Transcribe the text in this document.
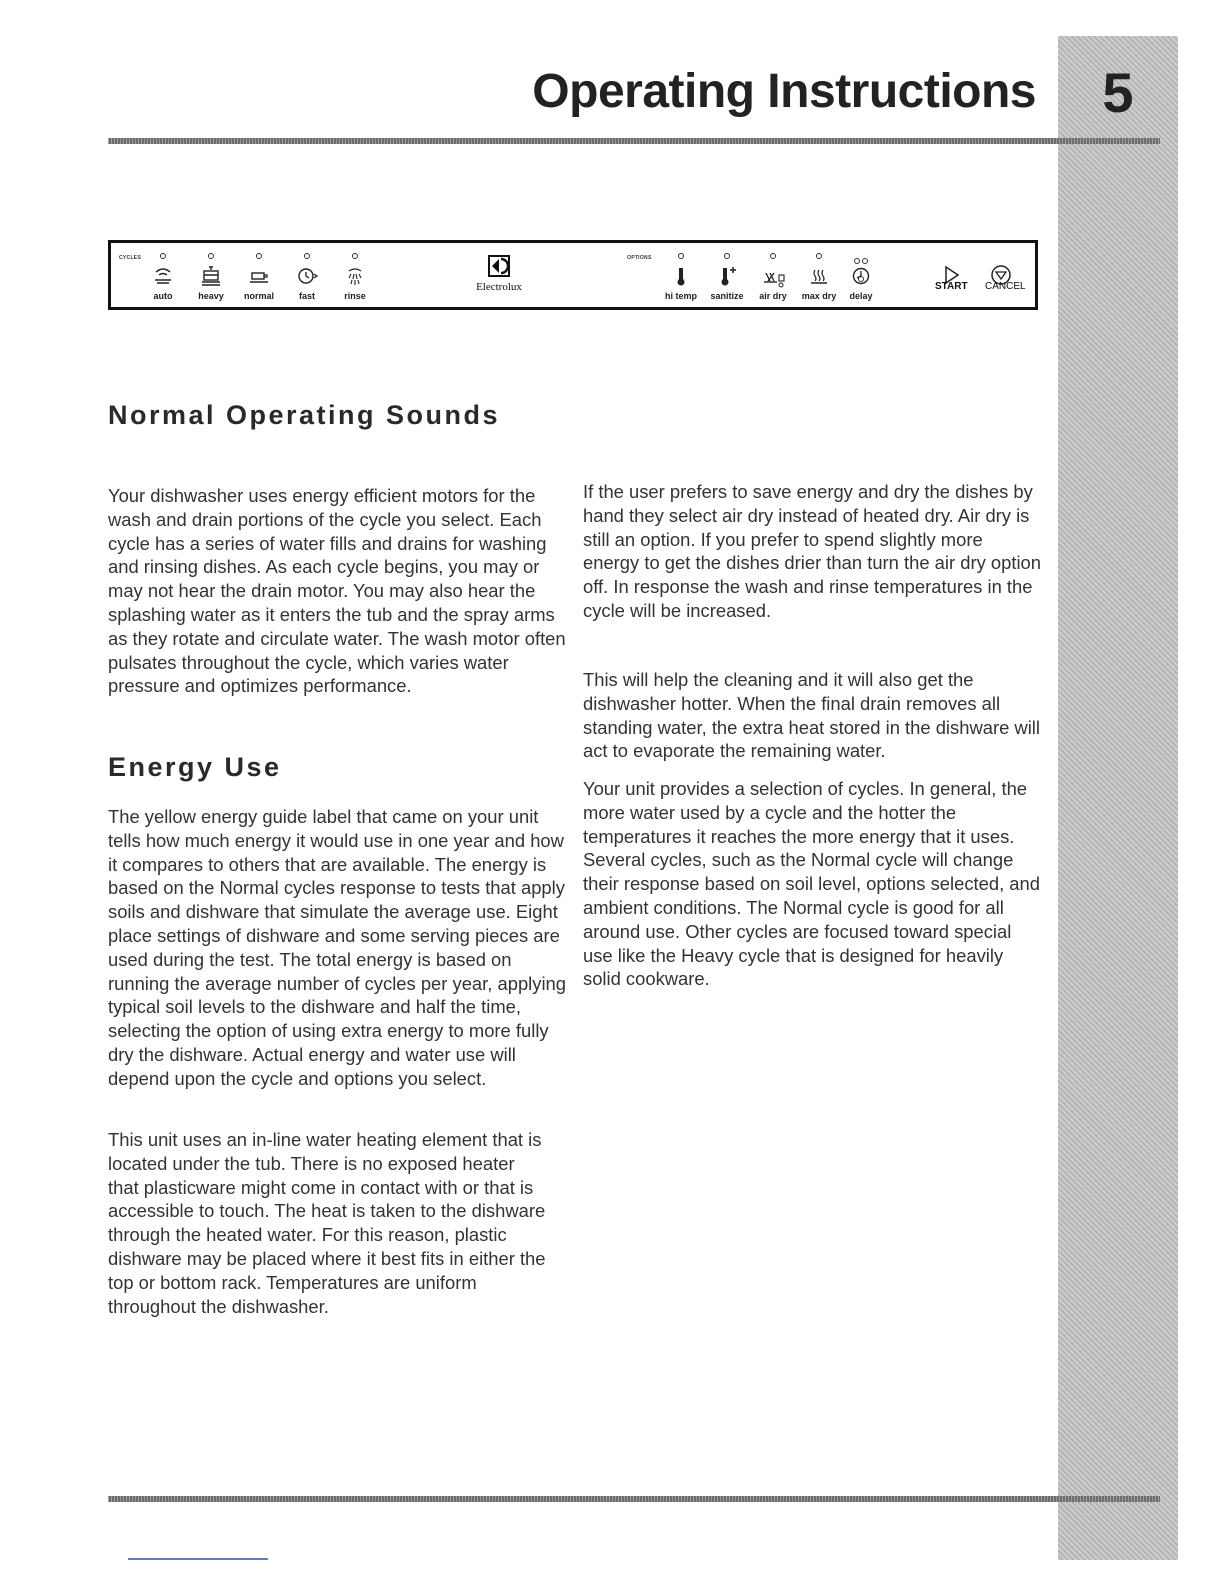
5
Operating Instructions
CYCLES
auto	heavy	normal	fast	rinse
Electrolux
OPTIONS
hi temp	sanitize	air dry	max dry	delay
START CANCEL
Normal Operating Sounds

Your dishwasher uses energy efficient motors for the wash and drain portions of the cycle you select. Each cycle has a series of water fills and drains for washing and rinsing dishes. As each cycle begins, you may or may not hear the drain motor. You may also hear the splashing water as it enters the tub and the spray arms as they rotate and circulate water. The wash motor often pulsates throughout the cycle, which varies water pressure and optimizes performance.

Energy Use

The yellow energy guide label that came on your unit tells how much energy it would use in one year and how it compares to others that are available. The energy is based on the Normal cycles response to tests that apply soils and dishware that simulate the average use. Eight place settings of dishware and some serving pieces are used during the test. The total energy is based on running the average number of cycles per year, applying typical soil levels to the dishware and half the time, selecting the option of using extra energy to more fully dry the dishware. Actual energy and water use will depend upon the cycle and options you select.

This unit uses an in-line water heating element that is located under the tub. There is no exposed heater that plasticware might come in contact with or that is accessible to touch. The heat is taken to the dishware through the heated water. For this reason, plastic dishware may be placed where it best fits in either the top or bottom rack. Temperatures are uniform throughout the dishwasher.

If the user prefers to save energy and dry the dishes by hand they select air dry instead of heated dry. Air dry is still an option. If you prefer to spend slightly more energy to get the dishes drier than turn the air dry option off. In response the wash and rinse temperatures in the cycle will be increased.

This will help the cleaning and it will also get the dishwasher hotter. When the final drain removes all standing water, the extra heat stored in the dishware will act to evaporate the remaining water.

Your unit provides a selection of cycles. In general, the more water used by a cycle and the hotter the temperatures it reaches the more energy that it uses. Several cycles, such as the Normal cycle will change their response based on soil level, options selected, and ambient conditions. The Normal cycle is good for all around use. Other cycles are focused toward special use like the Heavy cycle that is designed for heavily solid cookware.
